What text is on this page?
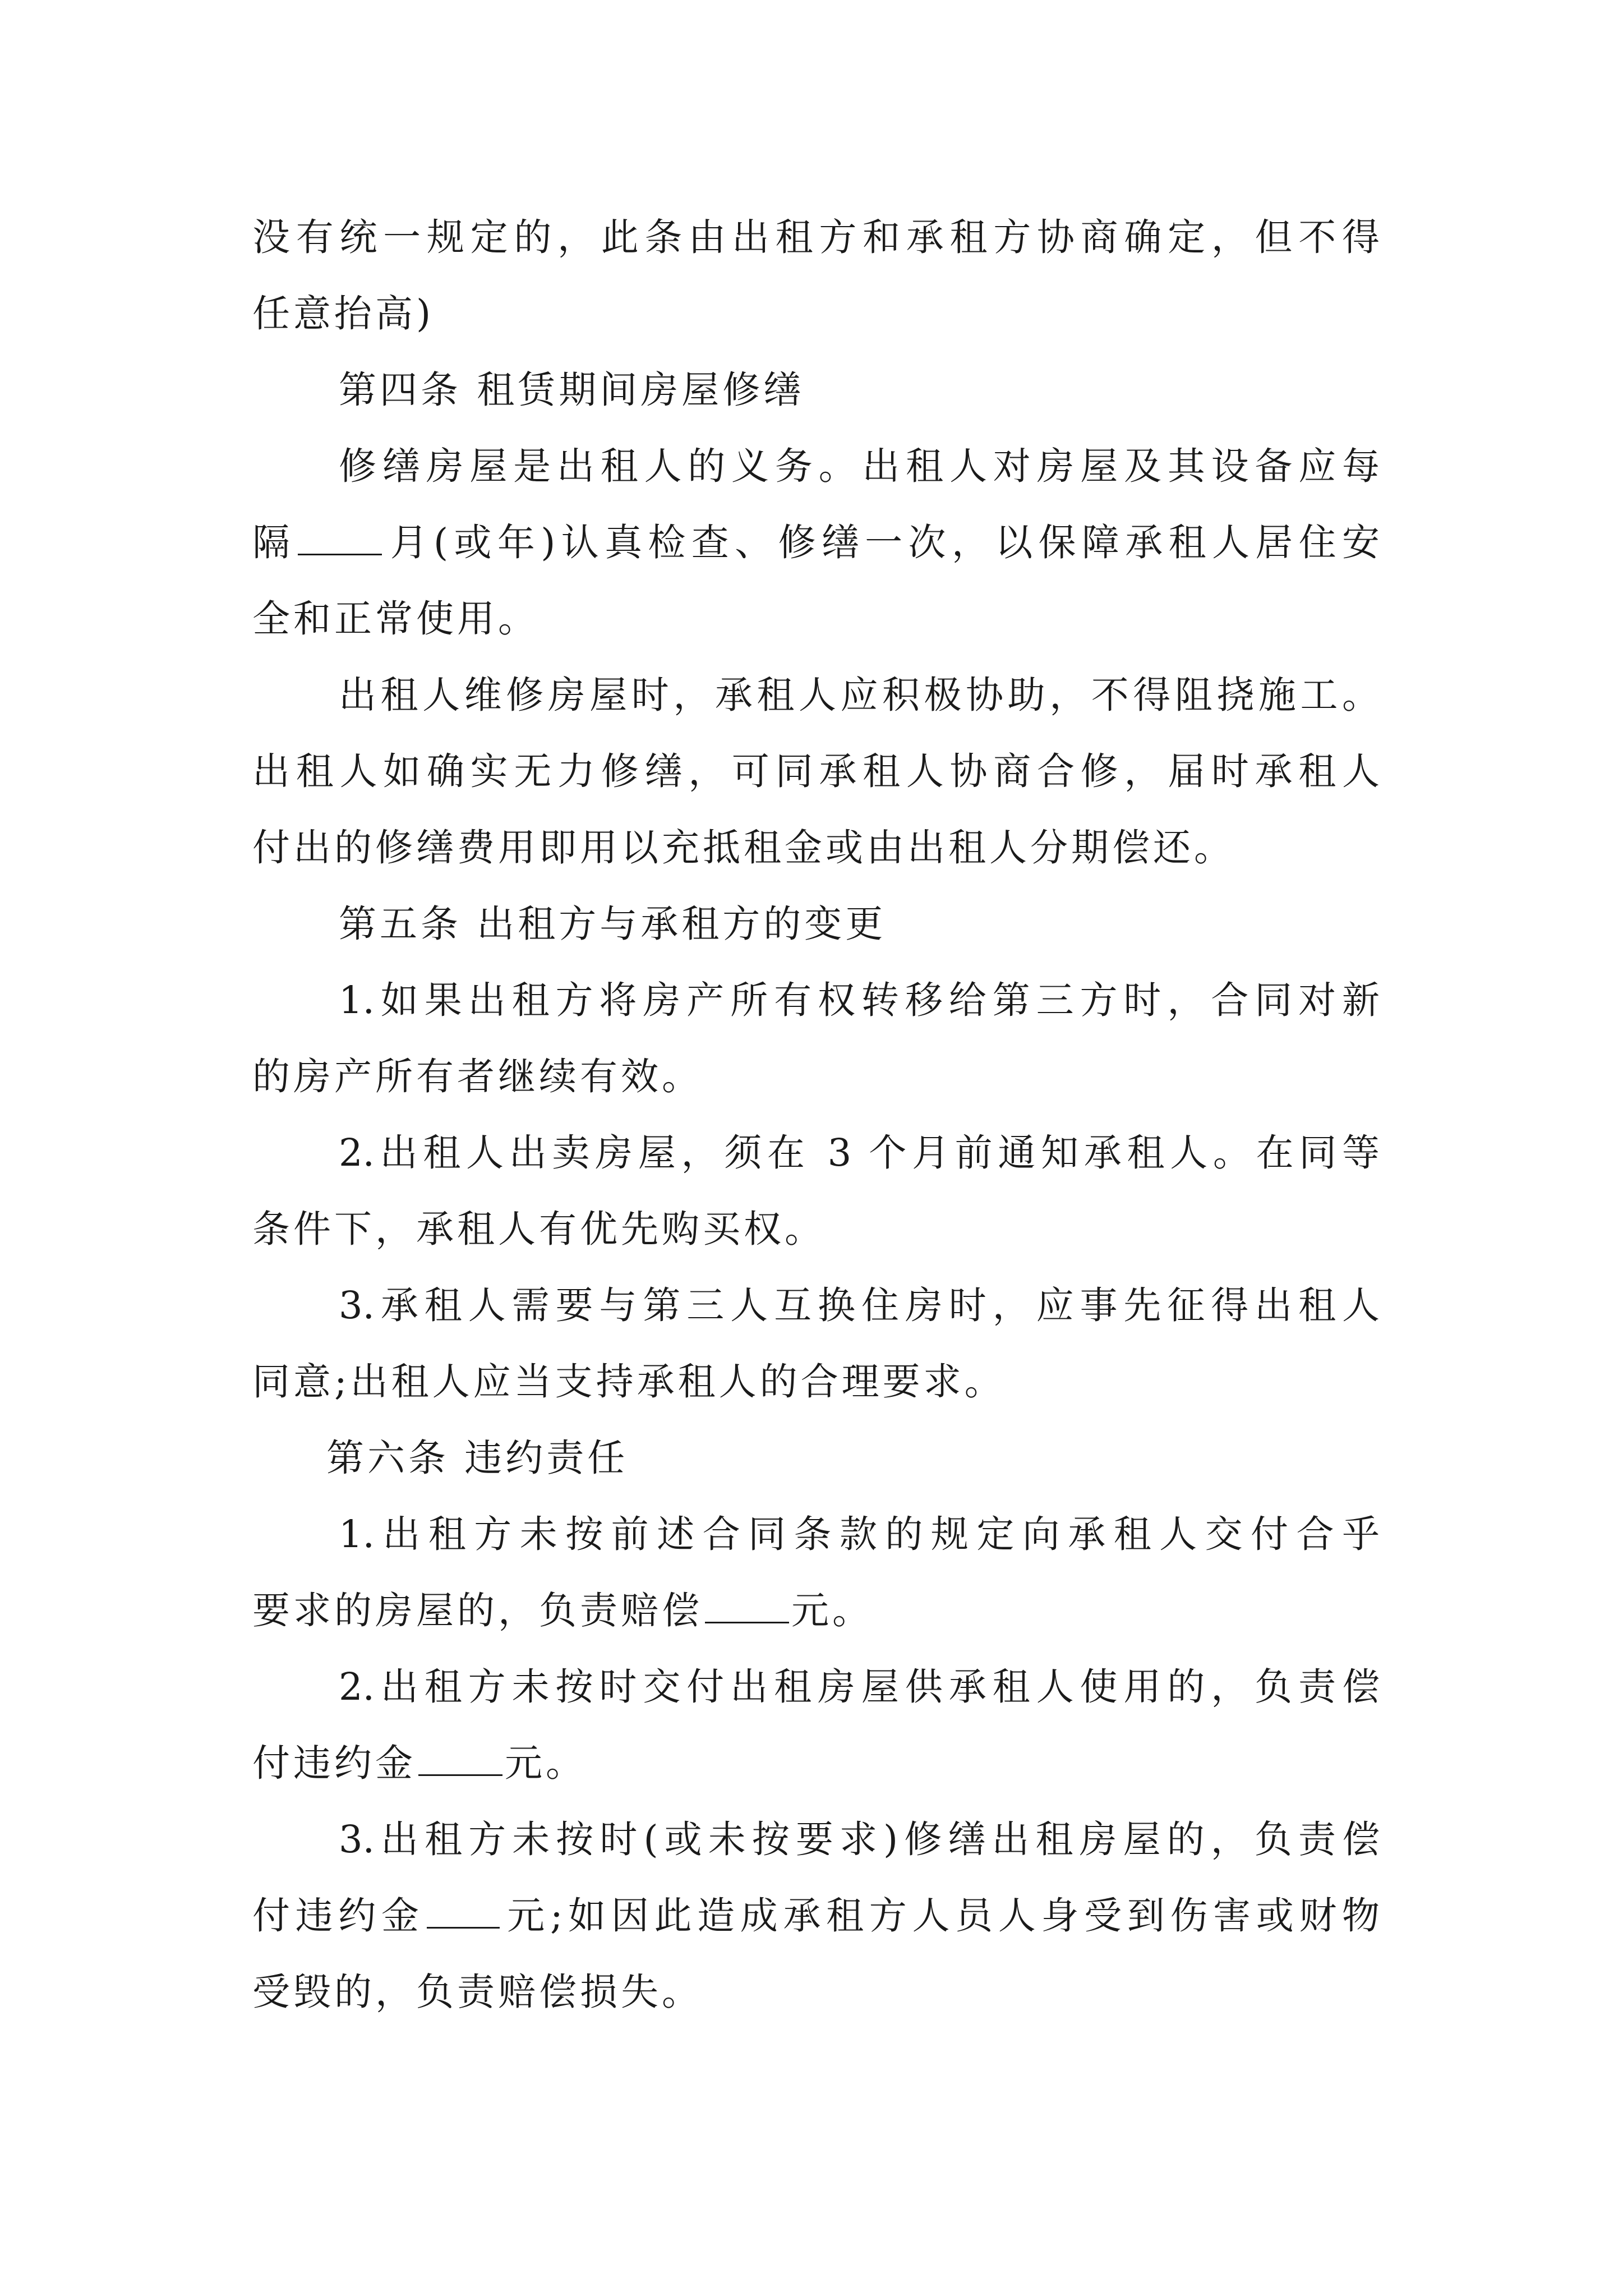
没有统一规定的，此条由出租方和承租方协商确定，但不得

任意抬高)

第四条 租赁期间房屋修缮

修缮房屋是出租人的义务。出租人对房屋及其设备应每

隔 月(或年)认真检查、修缮一次，以保障承租人居住安

全和正常使用。

出租人维修房屋时，承租人应积极协助，不得阻挠施工。

出租人如确实无力修缮，可同承租人协商合修，届时承租人

付出的修缮费用即用以充抵租金或由出租人分期偿还。

第五条 出租方与承租方的变更

1.如果出租方将房产所有权转移给第三方时，合同对新

的房产所有者继续有效。

2.出租人出卖房屋，须在 3 个月前通知承租人。在同等

条件下，承租人有优先购买权。

3.承租人需要与第三人互换住房时，应事先征得出租人

同意;出租人应当支持承租人的合理要求。

第六条 违约责任

1.出租方未按前述合同条款的规定向承租人交付合乎

要求的房屋的，负责赔偿 元。

2.出租方未按时交付出租房屋供承租人使用的，负责偿

付违约金 元。

3.出租方未按时(或未按要求)修缮出租房屋的，负责偿

付违约金 元;如因此造成承租方人员人身受到伤害或财物

受毁的，负责赔偿损失。
